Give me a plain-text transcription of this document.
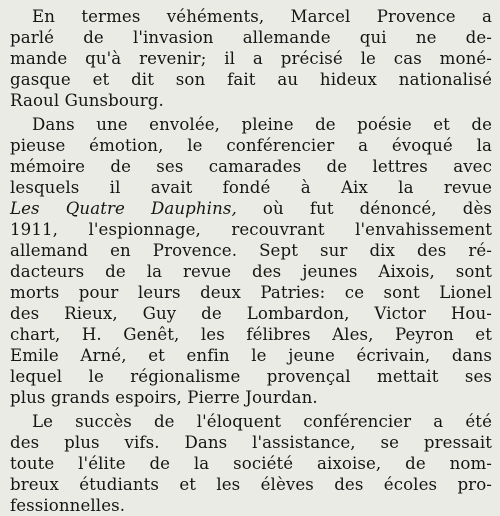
En termes véhéments, Marcel Provence a
parlé de l'invasion allemande qui ne de-
mande qu'à revenir; il a précisé le cas moné-
gasque et dit son fait au hideux nationalisé
Raoul Gunsbourg.

Dans une envolée, pleine de poésie et de
pieuse émotion, le conférencier a évoqué la
mémoire de ses camarades de lettres avec
lesquels il avait fondé à Aix la revue
Les Quatre Dauphins, où fut dénoncé, dès
1911, l'espionnage, recouvrant l'envahissement
allemand en Provence. Sept sur dix des ré-
dacteurs de la revue des jeunes Aixois, sont
morts pour leurs deux Patries: ce sont Lionel
des Rieux, Guy de Lombardon, Victor Hou-
chart, H. Genêt, les félibres Ales, Peyron et
Emile Arné, et enfin le jeune écrivain, dans
lequel le régionalisme provençal mettait ses
plus grands espoirs, Pierre Jourdan.

Le succès de l'éloquent conférencier a été
des plus vifs. Dans l'assistance, se pressait
toute l'élite de la société aixoise, de nom-
breux étudiants et les élèves des écoles pro-
fessionnelles.
